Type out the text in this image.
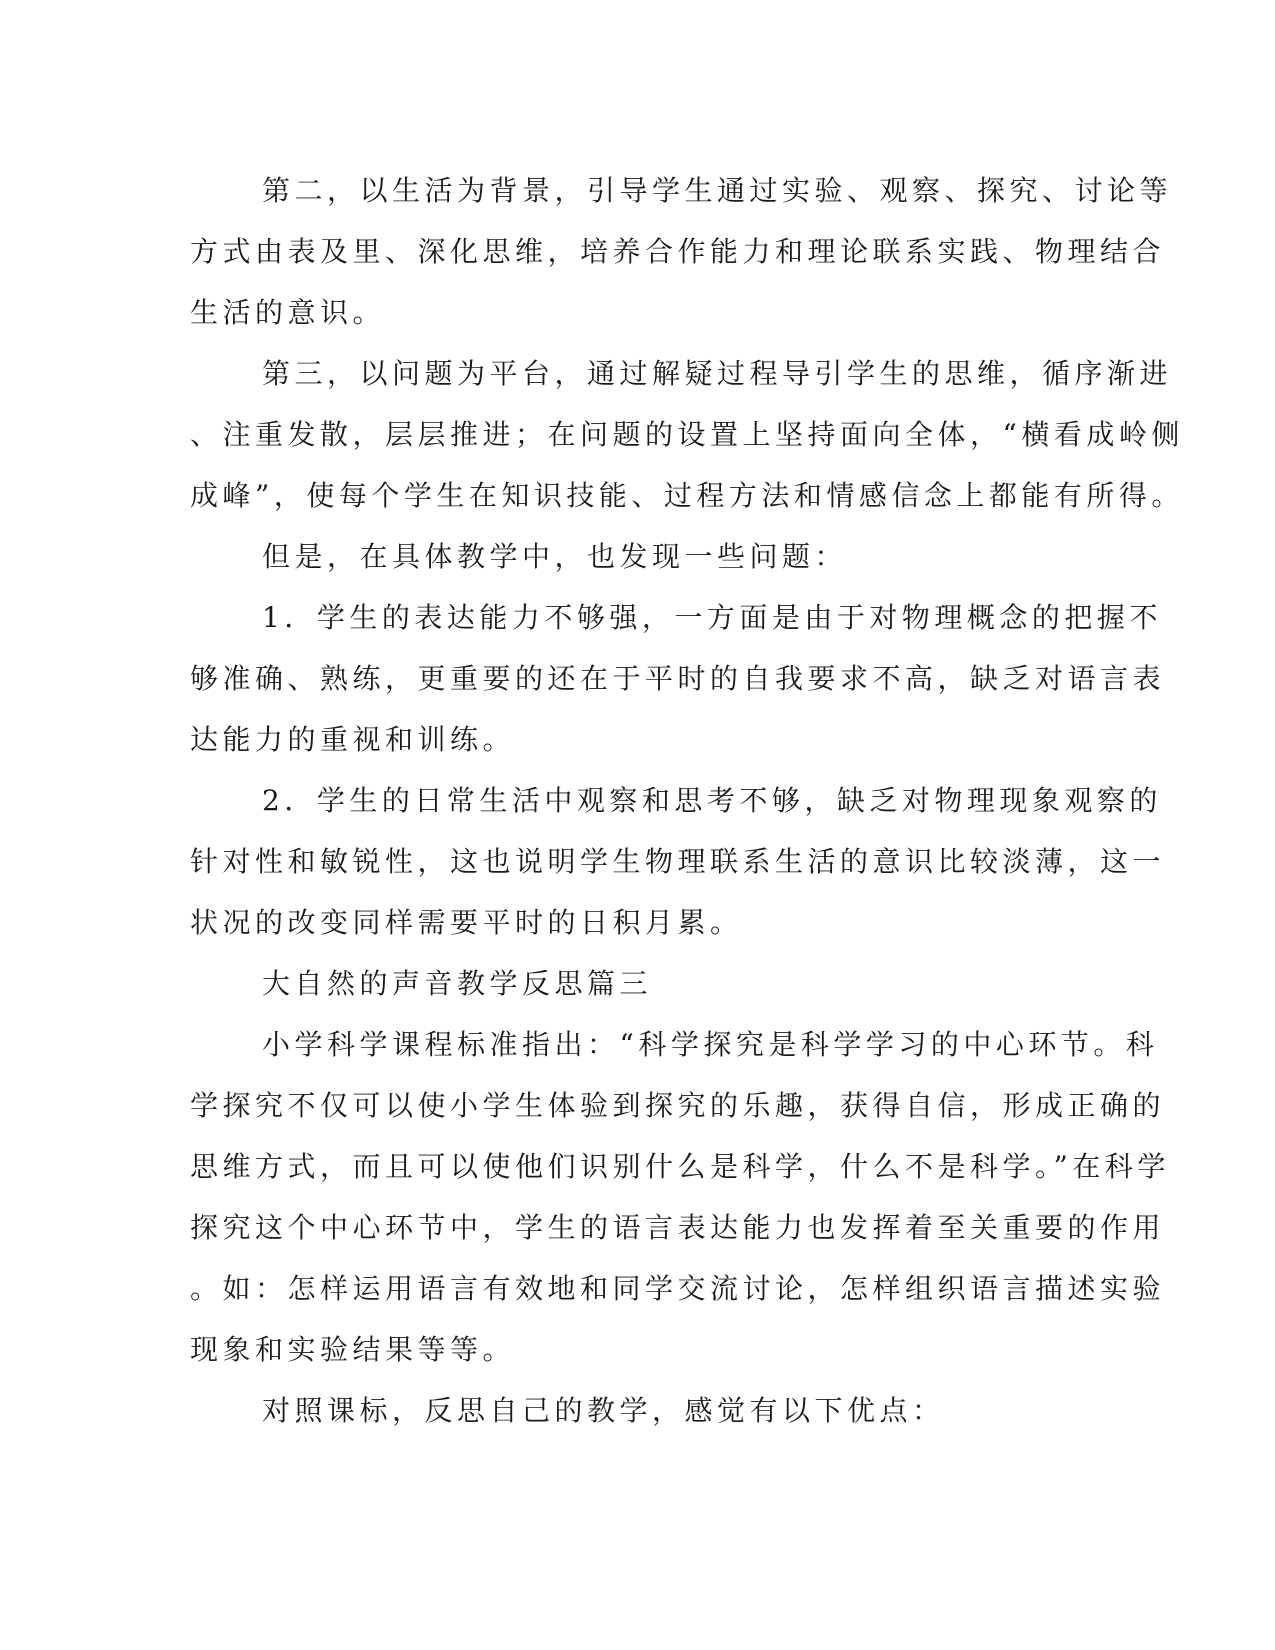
第二，以生活为背景，引导学生通过实验、观察、探究、讨论等
方式由表及里、深化思维，培养合作能力和理论联系实践、物理结合
生活的意识。
第三，以问题为平台，通过解疑过程导引学生的思维，循序渐进
、注重发散，层层推进；在问题的设置上坚持面向全体，“横看成岭侧
成峰”，使每个学生在知识技能、过程方法和情感信念上都能有所得。
但是，在具体教学中，也发现一些问题：
1．学生的表达能力不够强，一方面是由于对物理概念的把握不
够准确、熟练，更重要的还在于平时的自我要求不高，缺乏对语言表
达能力的重视和训练。
2．学生的日常生活中观察和思考不够，缺乏对物理现象观察的
针对性和敏锐性，这也说明学生物理联系生活的意识比较淡薄，这一
状况的改变同样需要平时的日积月累。
大自然的声音教学反思篇三
小学科学课程标准指出：“科学探究是科学学习的中心环节。科
学探究不仅可以使小学生体验到探究的乐趣，获得自信，形成正确的
思维方式，而且可以使他们识别什么是科学，什么不是科学。”在科学
探究这个中心环节中，学生的语言表达能力也发挥着至关重要的作用
。如：怎样运用语言有效地和同学交流讨论，怎样组织语言描述实验
现象和实验结果等等。
对照课标，反思自己的教学，感觉有以下优点：
